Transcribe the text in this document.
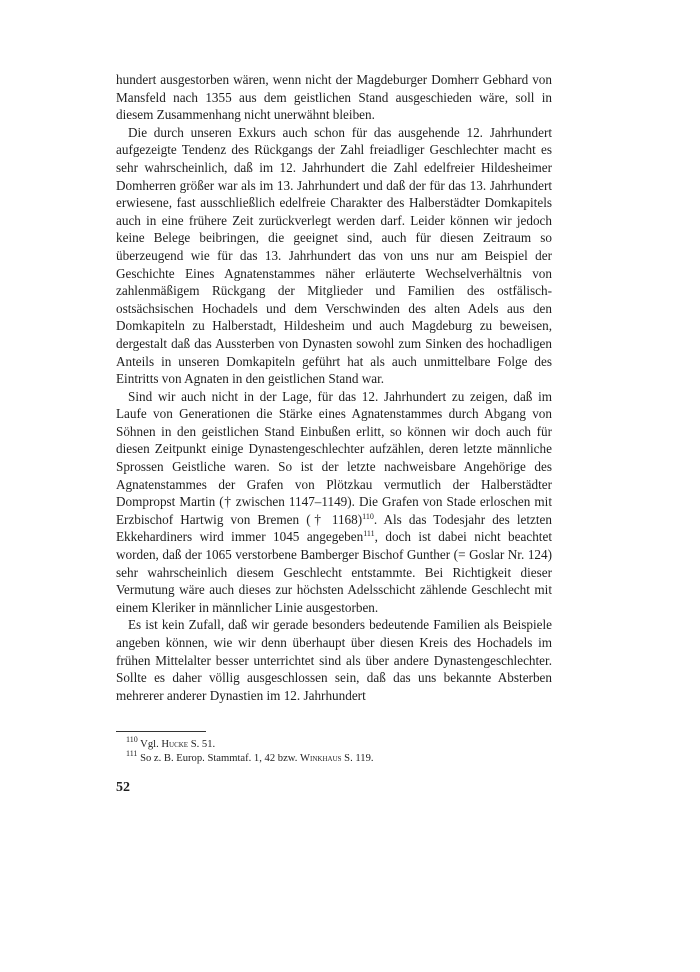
hundert ausgestorben wären, wenn nicht der Magdeburger Domherr Gebhard von Mansfeld nach 1355 aus dem geistlichen Stand ausgeschieden wäre, soll in diesem Zusammenhang nicht unerwähnt bleiben.

Die durch unseren Exkurs auch schon für das ausgehende 12. Jahrhundert aufgezeigte Tendenz des Rückgangs der Zahl freiadliger Geschlechter macht es sehr wahrscheinlich, daß im 12. Jahrhundert die Zahl edelfreier Hildesheimer Domherren größer war als im 13. Jahrhundert und daß der für das 13. Jahrhundert erwiesene, fast ausschließlich edelfreie Charakter des Halberstädter Domkapitels auch in eine frühere Zeit zurückverlegt werden darf. Leider können wir jedoch keine Belege beibringen, die geeignet sind, auch für diesen Zeitraum so überzeugend wie für das 13. Jahrhundert das von uns nur am Beispiel der Geschichte Eines Agnatenstammes näher erläuterte Wechselverhältnis von zahlenmäßigem Rückgang der Mitglieder und Familien des ostfälisch-ostsächsischen Hochadels und dem Verschwinden des alten Adels aus den Domkapiteln zu Halberstadt, Hildesheim und auch Magdeburg zu beweisen, dergestalt daß das Aussterben von Dynasten sowohl zum Sinken des hochadligen Anteils in unseren Domkapiteln geführt hat als auch unmittelbare Folge des Eintritts von Agnaten in den geistlichen Stand war.

Sind wir auch nicht in der Lage, für das 12. Jahrhundert zu zeigen, daß im Laufe von Generationen die Stärke eines Agnatenstammes durch Abgang von Söhnen in den geistlichen Stand Einbußen erlitt, so können wir doch auch für diesen Zeitpunkt einige Dynastengeschlechter aufzählen, deren letzte männliche Sprossen Geistliche waren. So ist der letzte nachweisbare Angehörige des Agnatenstammes der Grafen von Plötzkau vermutlich der Halberstädter Dompropst Martin († zwischen 1147–1149). Die Grafen von Stade erloschen mit Erzbischof Hartwig von Bremen († 1168)$^{110}$. Als das Todesjahr des letzten Ekkehardiners wird immer 1045 angegeben$^{111}$, doch ist dabei nicht beachtet worden, daß der 1065 verstorbene Bamberger Bischof Gunther (= Goslar Nr. 124) sehr wahrscheinlich diesem Geschlecht entstammte. Bei Richtigkeit dieser Vermutung wäre auch dieses zur höchsten Adelsschicht zählende Geschlecht mit einem Kleriker in männlicher Linie ausgestorben.

Es ist kein Zufall, daß wir gerade besonders bedeutende Familien als Beispiele angeben können, wie wir denn überhaupt über diesen Kreis des Hochadels im frühen Mittelalter besser unterrichtet sind als über andere Dynastengeschlechter. Sollte es daher völlig ausgeschlossen sein, daß das uns bekannte Absterben mehrerer anderer Dynastien im 12. Jahrhundert

$^{110}$ Vgl. Hucke S. 51.
$^{111}$ So z. B. Europ. Stammtaf. 1, 42 bzw. Winkhaus S. 119.
52
